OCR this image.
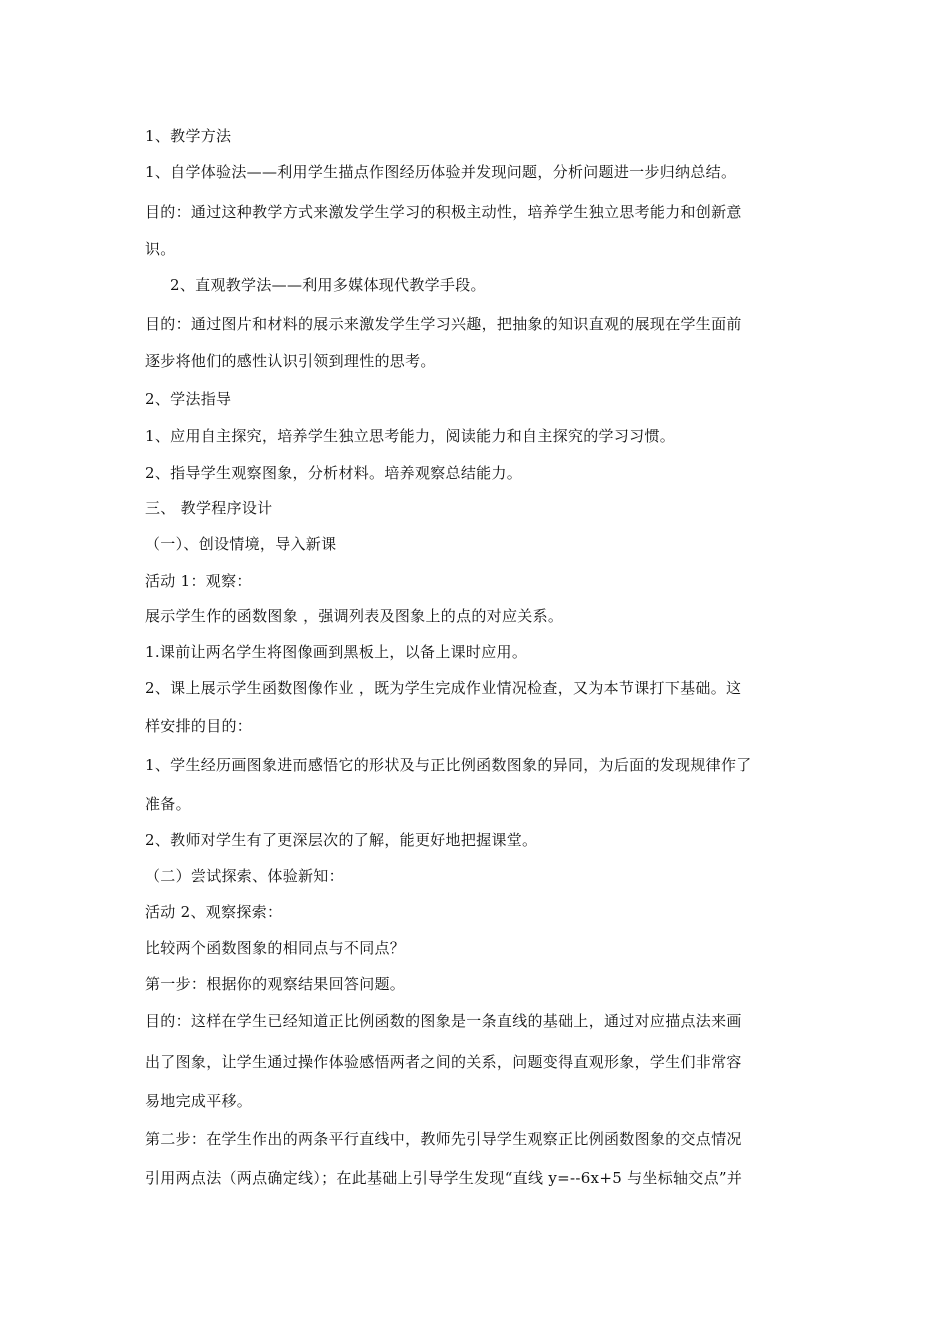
1、教学方法
1、自学体验法——利用学生描点作图经历体验并发现问题，分析问题进一步归纳总结。
目的：通过这种教学方式来激发学生学习的积极主动性，培养学生独立思考能力和创新意
识。
2、直观教学法——利用多媒体现代教学手段。
目的：通过图片和材料的展示来激发学生学习兴趣，把抽象的知识直观的展现在学生面前
逐步将他们的感性认识引领到理性的思考。
2、学法指导
1、应用自主探究，培养学生独立思考能力，阅读能力和自主探究的学习习惯。
2、指导学生观察图象，分析材料。培养观察总结能力。
三、 教学程序设计
（一）、创设情境，导入新课
活动 1：观察：
展示学生作的函数图象 ，强调列表及图象上的点的对应关系。
1.课前让两名学生将图像画到黑板上，以备上课时应用。
2、课上展示学生函数图像作业 ，既为学生完成作业情况检查，又为本节课打下基础。这
样安排的目的：
1、学生经历画图象进而感悟它的形状及与正比例函数图象的异同，为后面的发现规律作了
准备。
2、教师对学生有了更深层次的了解，能更好地把握课堂。
（二）尝试探索、体验新知：
活动 2、观察探索：
比较两个函数图象的相同点与不同点？
第一步：根据你的观察结果回答问题。
目的：这样在学生已经知道正比例函数的图象是一条直线的基础上，通过对应描点法来画
出了图象，让学生通过操作体验感悟两者之间的关系，问题变得直观形象，学生们非常容
易地完成平移。
第二步：在学生作出的两条平行直线中，教师先引导学生观察正比例函数图象的交点情况
引用两点法（两点确定线）；在此基础上引导学生发现“直线 y=--6x+5 与坐标轴交点”并
